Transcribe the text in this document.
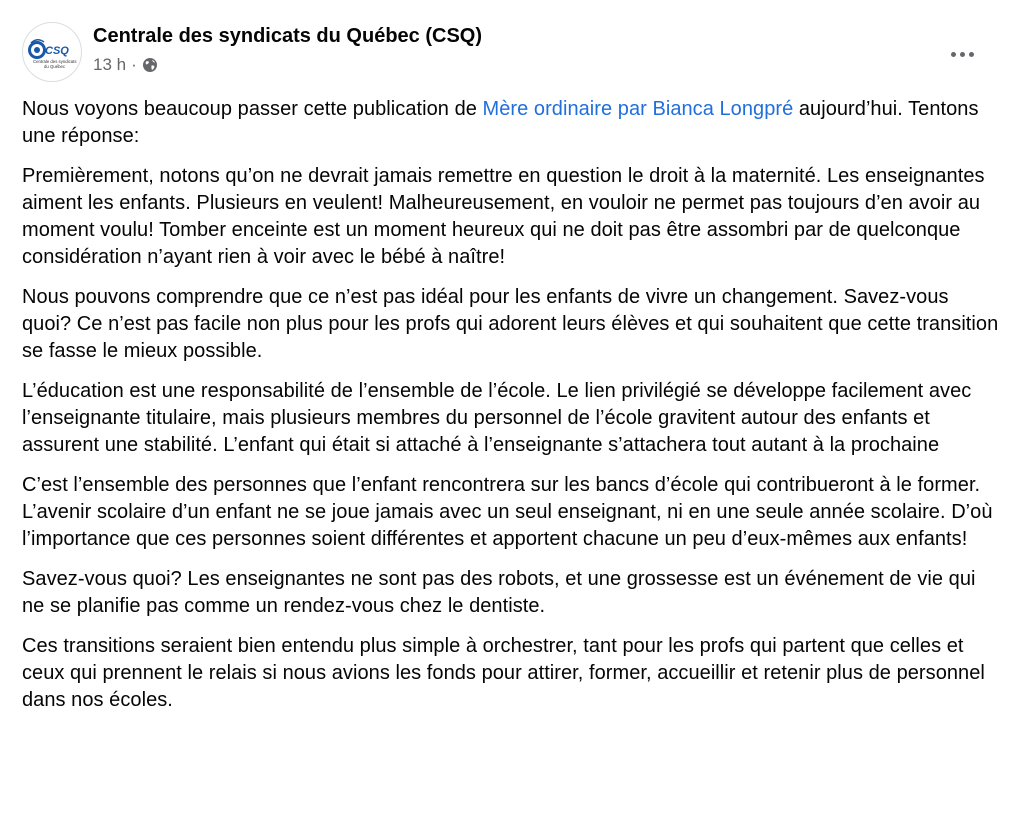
CSQ
Centrale des syndicats
du Québec
Centrale des syndicats du Québec (CSQ)
13 h ·

Nous voyons beaucoup passer cette publication de Mère ordinaire par Bianca Longpré aujourd’hui. Tentons une réponse:

Premièrement, notons qu’on ne devrait jamais remettre en question le droit à la maternité. Les enseignantes aiment les enfants. Plusieurs en veulent! Malheureusement, en vouloir ne permet pas toujours d’en avoir au moment voulu! Tomber enceinte est un moment heureux qui ne doit pas être assombri par de quelconque considération n’ayant rien à voir avec le bébé à naître!

Nous pouvons comprendre que ce n’est pas idéal pour les enfants de vivre un changement. Savez-vous quoi? Ce n’est pas facile non plus pour les profs qui adorent leurs élèves et qui souhaitent que cette transition se fasse le mieux possible.

L’éducation est une responsabilité de l’ensemble de l’école. Le lien privilégié se développe facilement avec l’enseignante titulaire, mais plusieurs membres du personnel de l’école gravitent autour des enfants et assurent une stabilité. L’enfant qui était si attaché à l’enseignante s’attachera tout autant à la prochaine

C’est l’ensemble des personnes que l’enfant rencontrera sur les bancs d’école qui contribueront à le former. L’avenir scolaire d’un enfant ne se joue jamais avec un seul enseignant, ni en une seule année scolaire. D’où l’importance que ces personnes soient différentes et apportent chacune un peu d’eux-mêmes aux enfants!

Savez-vous quoi? Les enseignantes ne sont pas des robots, et une grossesse est un événement de vie qui ne se planifie pas comme un rendez-vous chez le dentiste.

Ces transitions seraient bien entendu plus simple à orchestrer, tant pour les profs qui partent que celles et ceux qui prennent le relais si nous avions les fonds pour attirer, former, accueillir et retenir plus de personnel dans nos écoles.
